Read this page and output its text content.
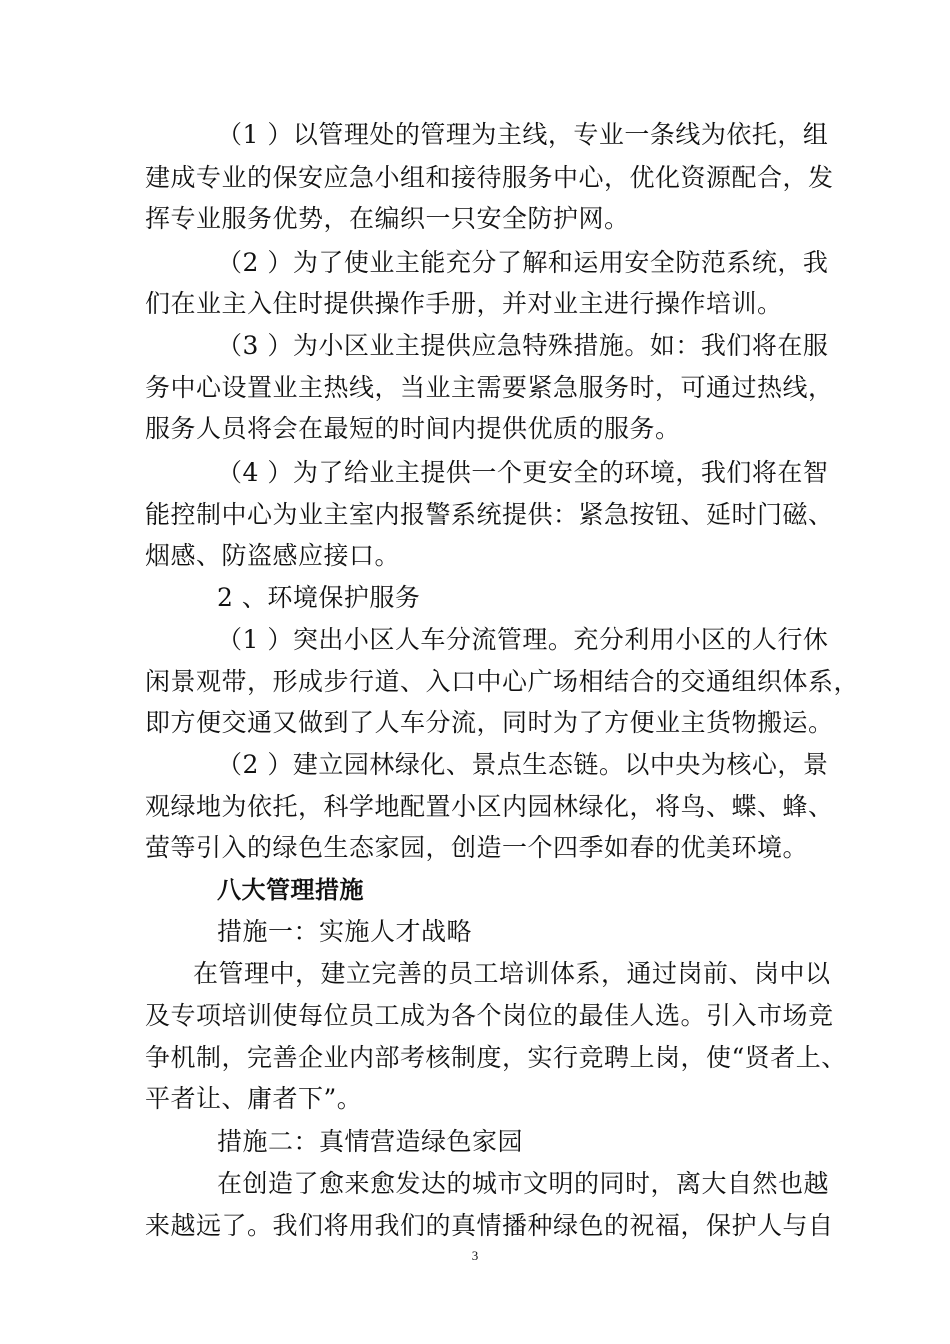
（1 ）以管理处的管理为主线，专业一条线为依托，组
建成专业的保安应急小组和接待服务中心，优化资源配合，发
挥专业服务优势，在编织一只安全防护网。
（2 ）为了使业主能充分了解和运用安全防范系统，我
们在业主入住时提供操作手册，并对业主进行操作培训。
（3 ）为小区业主提供应急特殊措施。如：我们将在服
务中心设置业主热线，当业主需要紧急服务时，可通过热线，
服务人员将会在最短的时间内提供优质的服务。
（4 ）为了给业主提供一个更安全的环境，我们将在智
能控制中心为业主室内报警系统提供：紧急按钮、延时门磁、
烟感、防盗感应接口。
2 、环境保护服务
（1 ）突出小区人车分流管理。充分利用小区的人行休
闲景观带，形成步行道、入口中心广场相结合的交通组织体系，
即方便交通又做到了人车分流，同时为了方便业主货物搬运。
（2 ）建立园林绿化、景点生态链。以中央为核心，景
观绿地为依托，科学地配置小区内园林绿化，将鸟、蝶、蜂、
萤等引入的绿色生态家园，创造一个四季如春的优美环境。
八大管理措施
措施一：实施人才战略
在管理中，建立完善的员工培训体系，通过岗前、岗中以
及专项培训使每位员工成为各个岗位的最佳人选。引入市场竞
争机制，完善企业内部考核制度，实行竞聘上岗，使“贤者上、
平者让、庸者下”。
措施二：真情营造绿色家园
在创造了愈来愈发达的城市文明的同时，离大自然也越
来越远了。我们将用我们的真情播种绿色的祝福，保护人与自
3
